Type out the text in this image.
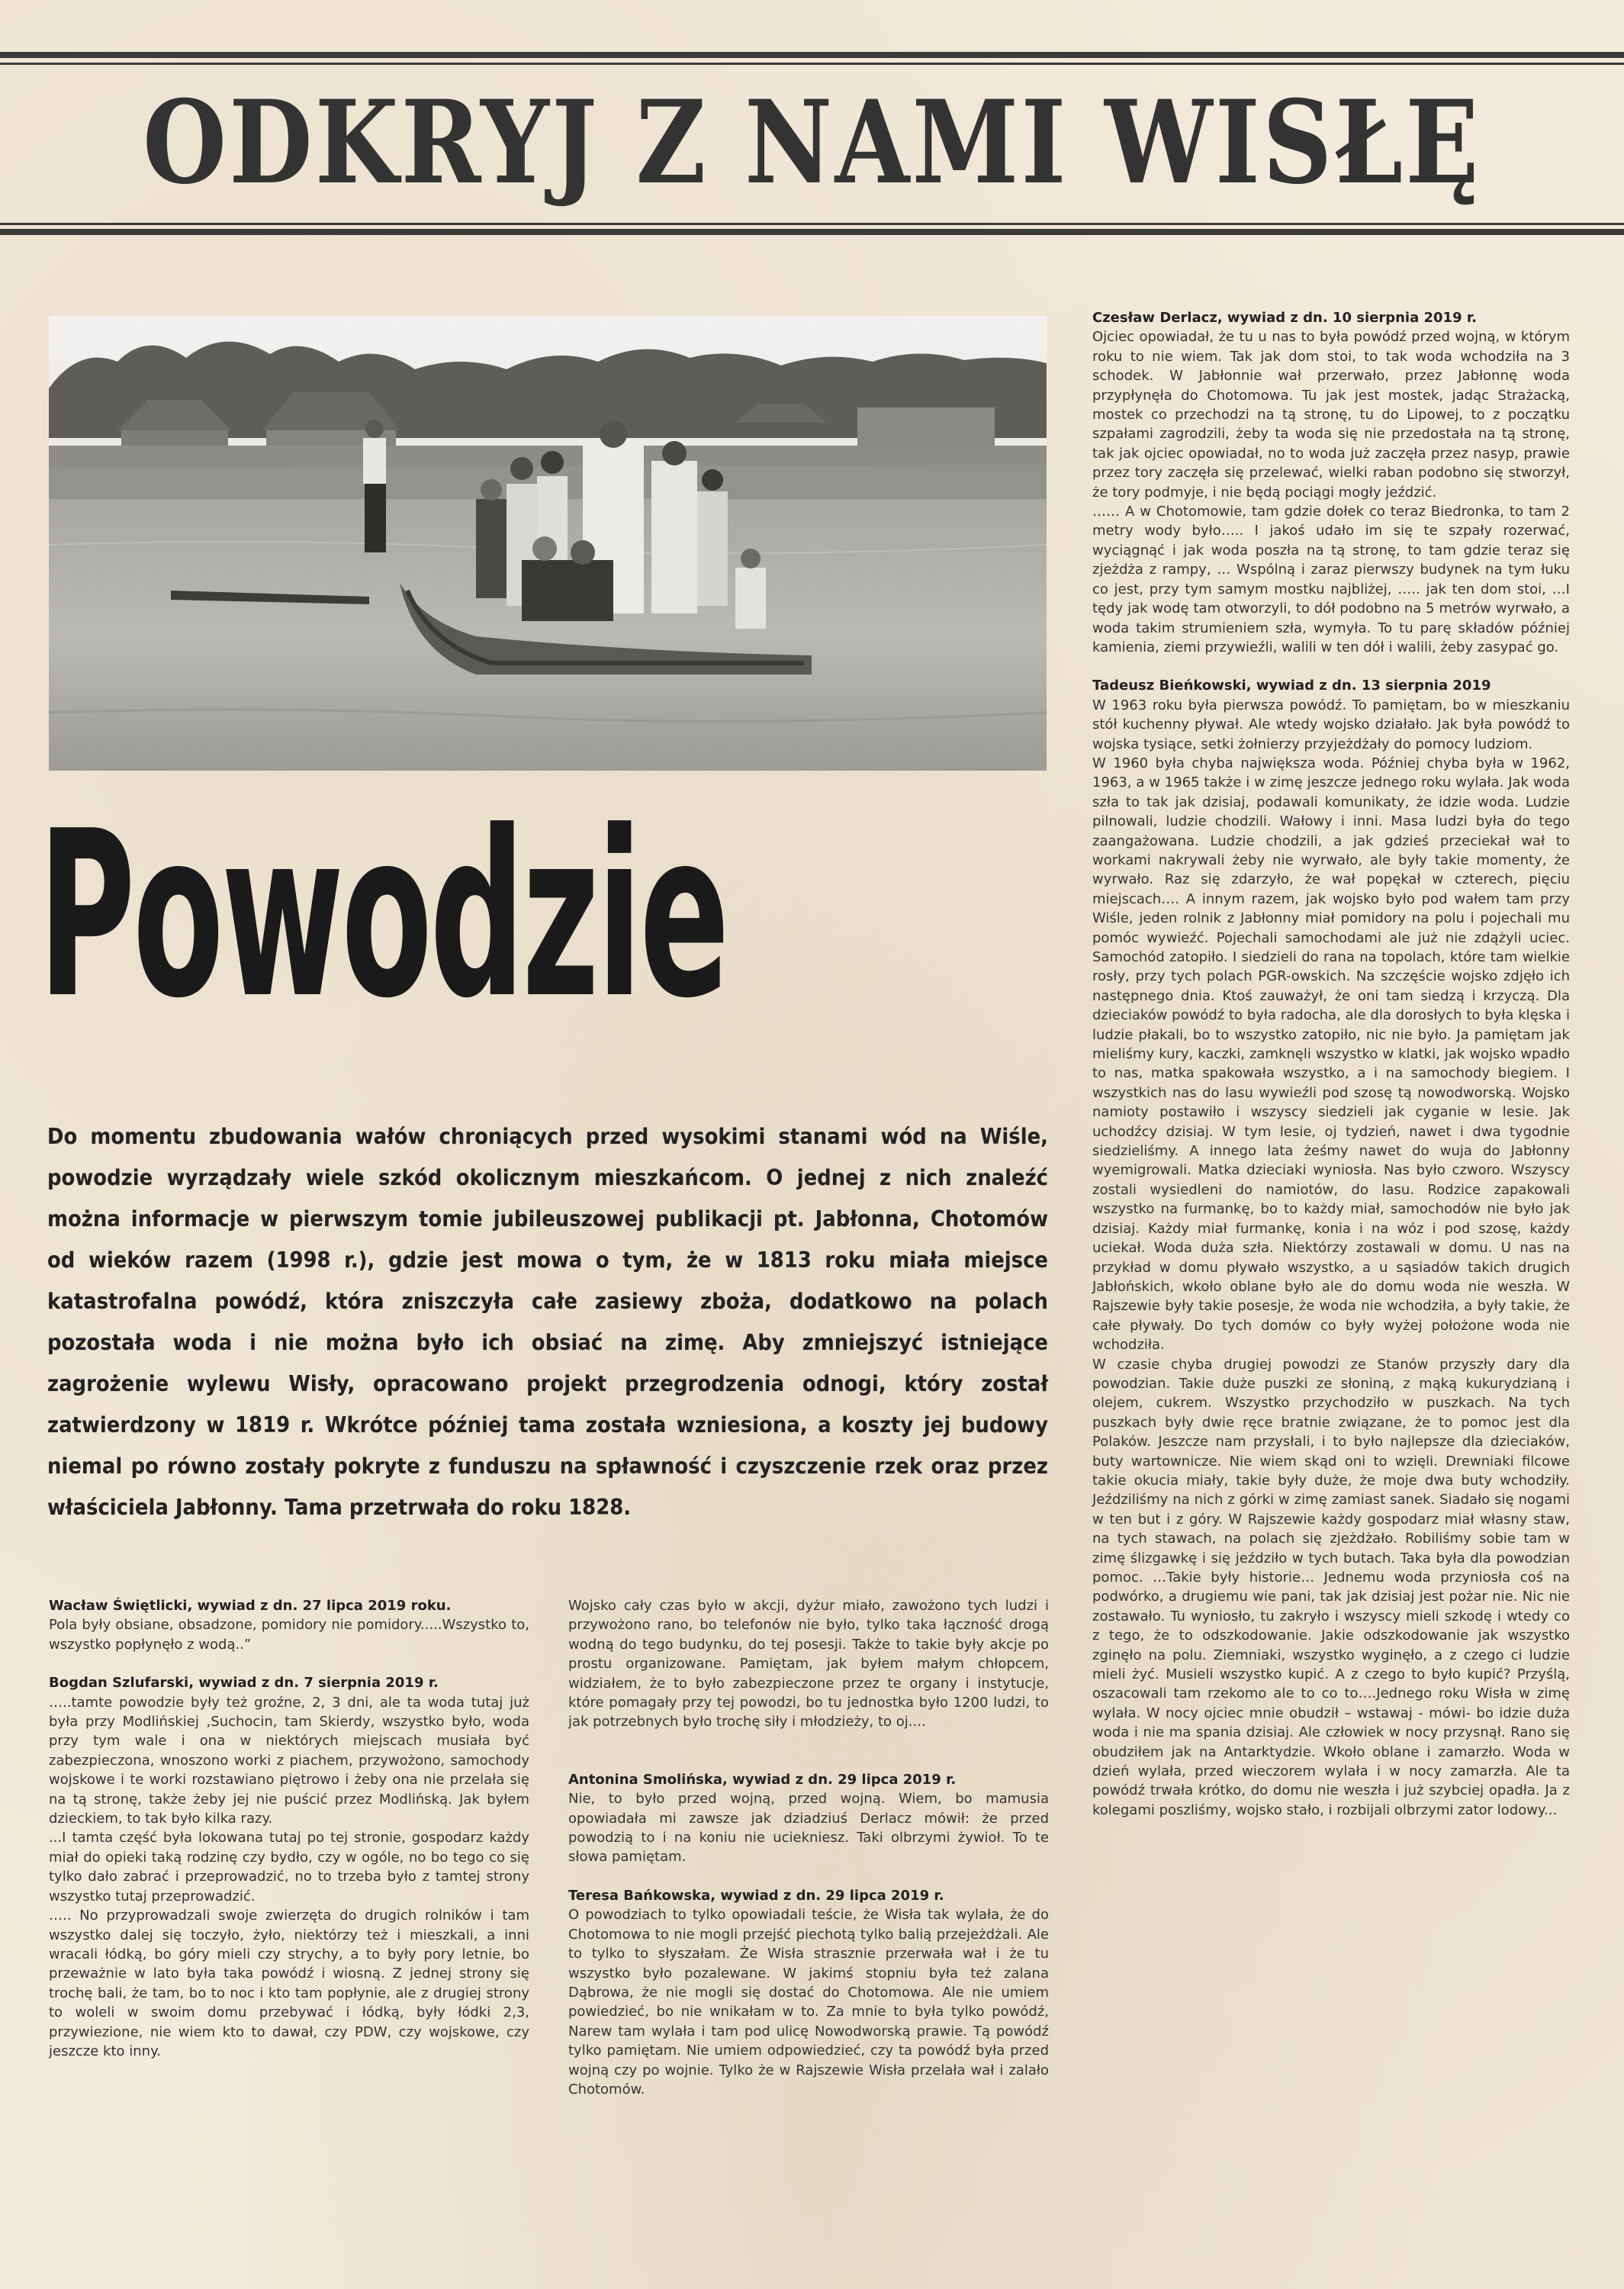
ODKRYJ Z NAMI WISŁĘ
Powodzie
Do momentu zbudowania wałów chroniących przed wysokimi stanami wód na Wiśle, powodzie wyrządzały wiele szkód okolicznym mieszkańcom. O jednej z nich znaleźć można informacje w pierwszym tomie jubileuszowej publikacji pt. Jabłonna, Chotomów od wieków razem (1998 r.), gdzie jest mowa o tym, że w 1813 roku miała miejsce katastrofalna powódź, która zniszczyła całe zasiewy zboża, dodatkowo na polach pozostała woda i nie można było ich obsiać na zimę. Aby zmniejszyć istniejące zagrożenie wylewu Wisły, opracowano projekt przegrodzenia odnogi, który został zatwierdzony w 1819 r. Wkrótce później tama została wzniesiona, a koszty jej budowy niemal po równo zostały pokryte z funduszu na spławność i czyszczenie rzek oraz przez właściciela Jabłonny. Tama przetrwała do roku 1828.
Wacław Świętlicki, wywiad z dn. 27 lipca 2019 roku.

Pola były obsiane, obsadzone, pomidory nie pomidory.....Wszystko to, wszystko popłynęło z wodą..”

Bogdan Szlufarski, wywiad z dn. 7 sierpnia 2019 r.

…..tamte powodzie były też groźne, 2, 3 dni, ale ta woda tutaj już była przy Modlińskiej ,Suchocin, tam Skierdy, wszystko było, woda przy tym wale i ona w niektórych miejscach musiała być zabezpieczona, wnoszono worki z piachem, przywożono, samochody wojskowe i te worki rozstawiano piętrowo i żeby ona nie przelała się na tą stronę, także żeby jej nie puścić przez Modlińską. Jak byłem dzieckiem, to tak było kilka razy.

...I tamta część była lokowana tutaj po tej stronie, gospodarz każdy miał do opieki taką rodzinę czy bydło, czy w ogóle, no bo tego co się tylko dało zabrać i przeprowadzić, no to trzeba było z tamtej strony wszystko tutaj przeprowadzić.

….. No przyprowadzali swoje zwierzęta do drugich rolników i tam wszystko dalej się toczyło, żyło, niektórzy też i mieszkali, a inni wracali łódką, bo góry mieli czy strychy, a to były pory letnie, bo przeważnie w lato była taka powódź i wiosną. Z jednej strony się trochę bali, że tam, bo to noc i kto tam popłynie, ale z drugiej strony to woleli w swoim domu przebywać i łódką, były łódki 2,3, przywiezione, nie wiem kto to dawał, czy PDW, czy wojskowe, czy jeszcze kto inny.

Wojsko cały czas było w akcji, dyżur miało, zawożono tych ludzi i przywożono rano, bo telefonów nie było, tylko taka łączność drogą wodną do tego budynku, do tej posesji. Także to takie były akcje po prostu organizowane. Pamiętam, jak byłem małym chłopcem, widziałem, że to było zabezpieczone przez te organy i instytucje, które pomagały przy tej powodzi, bo tu jednostka było 1200 ludzi, to jak potrzebnych było trochę siły i młodzieży, to oj....

Antonina Smolińska, wywiad z dn. 29 lipca 2019 r.

Nie, to było przed wojną, przed wojną. Wiem, bo mamusia opowiadała mi zawsze jak dziadziuś Derlacz mówił: że przed powodzią to i na koniu nie uciekniesz. Taki olbrzymi żywioł. To te słowa pamiętam.

Teresa Bańkowska, wywiad z dn. 29 lipca 2019 r.

O powodziach to tylko opowiadali teście, że Wisła tak wylała, że do Chotomowa to nie mogli przejść piechotą tylko balią przejeżdżali. Ale to tylko to słyszałam. Że Wisła strasznie przerwała wał i że tu wszystko było pozalewane. W jakimś stopniu była też zalana Dąbrowa, że nie mogli się dostać do Chotomowa. Ale nie umiem powiedzieć, bo nie wnikałam w to. Za mnie to była tylko powódź, Narew tam wylała i tam pod ulicę Nowodworską prawie. Tą powódź tylko pamiętam. Nie umiem odpowiedzieć, czy ta powódź była przed wojną czy po wojnie. Tylko że w Rajszewie Wisła przelała wał i zalało Chotomów.

Czesław Derlacz, wywiad z dn. 10 sierpnia 2019 r.

Ojciec opowiadał, że tu u nas to była powódź przed wojną, w którym roku to nie wiem. Tak jak dom stoi, to tak woda wchodziła na 3 schodek. W Jabłonnie wał przerwało, przez Jabłonnę woda przypłynęła do Chotomowa. Tu jak jest mostek, jadąc Strażacką, mostek co przechodzi na tą stronę, tu do Lipowej, to z początku szpałami zagrodzili, żeby ta woda się nie przedostała na tą stronę, tak jak ojciec opowiadał, no to woda już zaczęła przez nasyp, prawie przez tory zaczęła się przelewać, wielki raban podobno się stworzył, że tory podmyje, i nie będą pociągi mogły jeździć.

…… A w Chotomowie, tam gdzie dołek co teraz Biedronka, to tam 2 metry wody było….. I jakoś udało im się te szpały rozerwać, wyciągnąć i jak woda poszła na tą stronę, to tam gdzie teraz się zjeżdża z rampy, … Wspólną i zaraz pierwszy budynek na tym łuku co jest, przy tym samym mostku najbliżej, ….. jak ten dom stoi, …I tędy jak wodę tam otworzyli, to dół podobno na 5 metrów wyrwało, a woda takim strumieniem szła, wymyła. To tu parę składów później kamienia, ziemi przywieźli, walili w ten dół i walili, żeby zasypać go.

Tadeusz Bieńkowski, wywiad z dn. 13 sierpnia 2019

W 1963 roku była pierwsza powódź. To pamiętam, bo w mieszkaniu stół kuchenny pływał. Ale wtedy wojsko działało. Jak była powódź to wojska tysiące, setki żołnierzy przyjeżdżały do pomocy ludziom.

W 1960 była chyba największa woda. Później chyba była w 1962, 1963, a w 1965 także i w zimę jeszcze jednego roku wylała. Jak woda szła to tak jak dzisiaj, podawali komunikaty, że idzie woda. Ludzie pilnowali, ludzie chodzili. Wałowy i inni. Masa ludzi była do tego zaangażowana. Ludzie chodzili, a jak gdzieś przeciekał wał to workami nakrywali żeby nie wyrwało, ale były takie momenty, że wyrwało. Raz się zdarzyło, że wał popękał w czterech, pięciu miejscach…. A innym razem, jak wojsko było pod wałem tam przy Wiśle, jeden rolnik z Jabłonny miał pomidory na polu i pojechali mu pomóc wywieźć. Pojechali samochodami ale już nie zdążyli uciec. Samochód zatopiło. I siedzieli do rana na topolach, które tam wielkie rosły, przy tych polach PGR-owskich. Na szczęście wojsko zdjęło ich następnego dnia. Ktoś zauważył, że oni tam siedzą i krzyczą. Dla dzieciaków powódź to była radocha, ale dla dorosłych to była klęska i ludzie płakali, bo to wszystko zatopiło, nic nie było. Ja pamiętam jak mieliśmy kury, kaczki, zamknęli wszystko w klatki, jak wojsko wpadło to nas, matka spakowała wszystko, a i na samochody biegiem. I wszystkich nas do lasu wywieźli pod szosę tą nowodworską. Wojsko namioty postawiło i wszyscy siedzieli jak cyganie w lesie. Jak uchodźcy dzisiaj. W tym lesie, oj tydzień, nawet i dwa tygodnie siedzieliśmy. A innego lata żeśmy nawet do wuja do Jabłonny wyemigrowali. Matka dzieciaki wyniosła. Nas było czworo. Wszyscy zostali wysiedleni do namiotów, do lasu. Rodzice zapakowali wszystko na furmankę, bo to każdy miał, samochodów nie było jak dzisiaj. Każdy miał furmankę, konia i na wóz i pod szosę, każdy uciekał. Woda duża szła. Niektórzy zostawali w domu. U nas na przykład w domu pływało wszystko, a u sąsiadów takich drugich Jabłońskich, wkoło oblane było ale do domu woda nie weszła. W Rajszewie były takie posesje, że woda nie wchodziła, a były takie, że całe pływały. Do tych domów co były wyżej położone woda nie wchodziła.

W czasie chyba drugiej powodzi ze Stanów przyszły dary dla powodzian. Takie duże puszki ze słoniną, z mąką kukurydzianą i olejem, cukrem. Wszystko przychodziło w puszkach. Na tych puszkach były dwie ręce bratnie związane, że to pomoc jest dla Polaków. Jeszcze nam przysłali, i to było najlepsze dla dzieciaków, buty wartownicze. Nie wiem skąd oni to wzięli. Drewniaki filcowe takie okucia miały, takie były duże, że moje dwa buty wchodziły. Jeździliśmy na nich z górki w zimę zamiast sanek. Siadało się nogami w ten but i z góry. W Rajszewie każdy gospodarz miał własny staw, na tych stawach, na polach się zjeżdżało. Robiliśmy sobie tam w zimę ślizgawkę i się jeździło w tych butach. Taka była dla powodzian pomoc. …Takie były historie… Jednemu woda przyniosła coś na podwórko, a drugiemu wie pani, tak jak dzisiaj jest pożar nie. Nic nie zostawało. Tu wyniosło, tu zakryło i wszyscy mieli szkodę i wtedy co z tego, że to odszkodowanie. Jakie odszkodowanie jak wszystko zginęło na polu. Ziemniaki, wszystko wyginęło, a z czego ci ludzie mieli żyć. Musieli wszystko kupić. A z czego to było kupić? Przyślą, oszacowali tam rzekomo ale to co to….Jednego roku Wisła w zimę wylała. W nocy ojciec mnie obudził – wstawaj - mówi- bo idzie duża woda i nie ma spania dzisiaj. Ale człowiek w nocy przysnął. Rano się obudziłem jak na Antarktydzie. Wkoło oblane i zamarzło. Woda w dzień wylała, przed wieczorem wylała i w nocy zamarzła. Ale ta powódź trwała krótko, do domu nie weszła i już szybciej opadła. Ja z kolegami poszliśmy, wojsko stało, i rozbijali olbrzymi zator lodowy...
